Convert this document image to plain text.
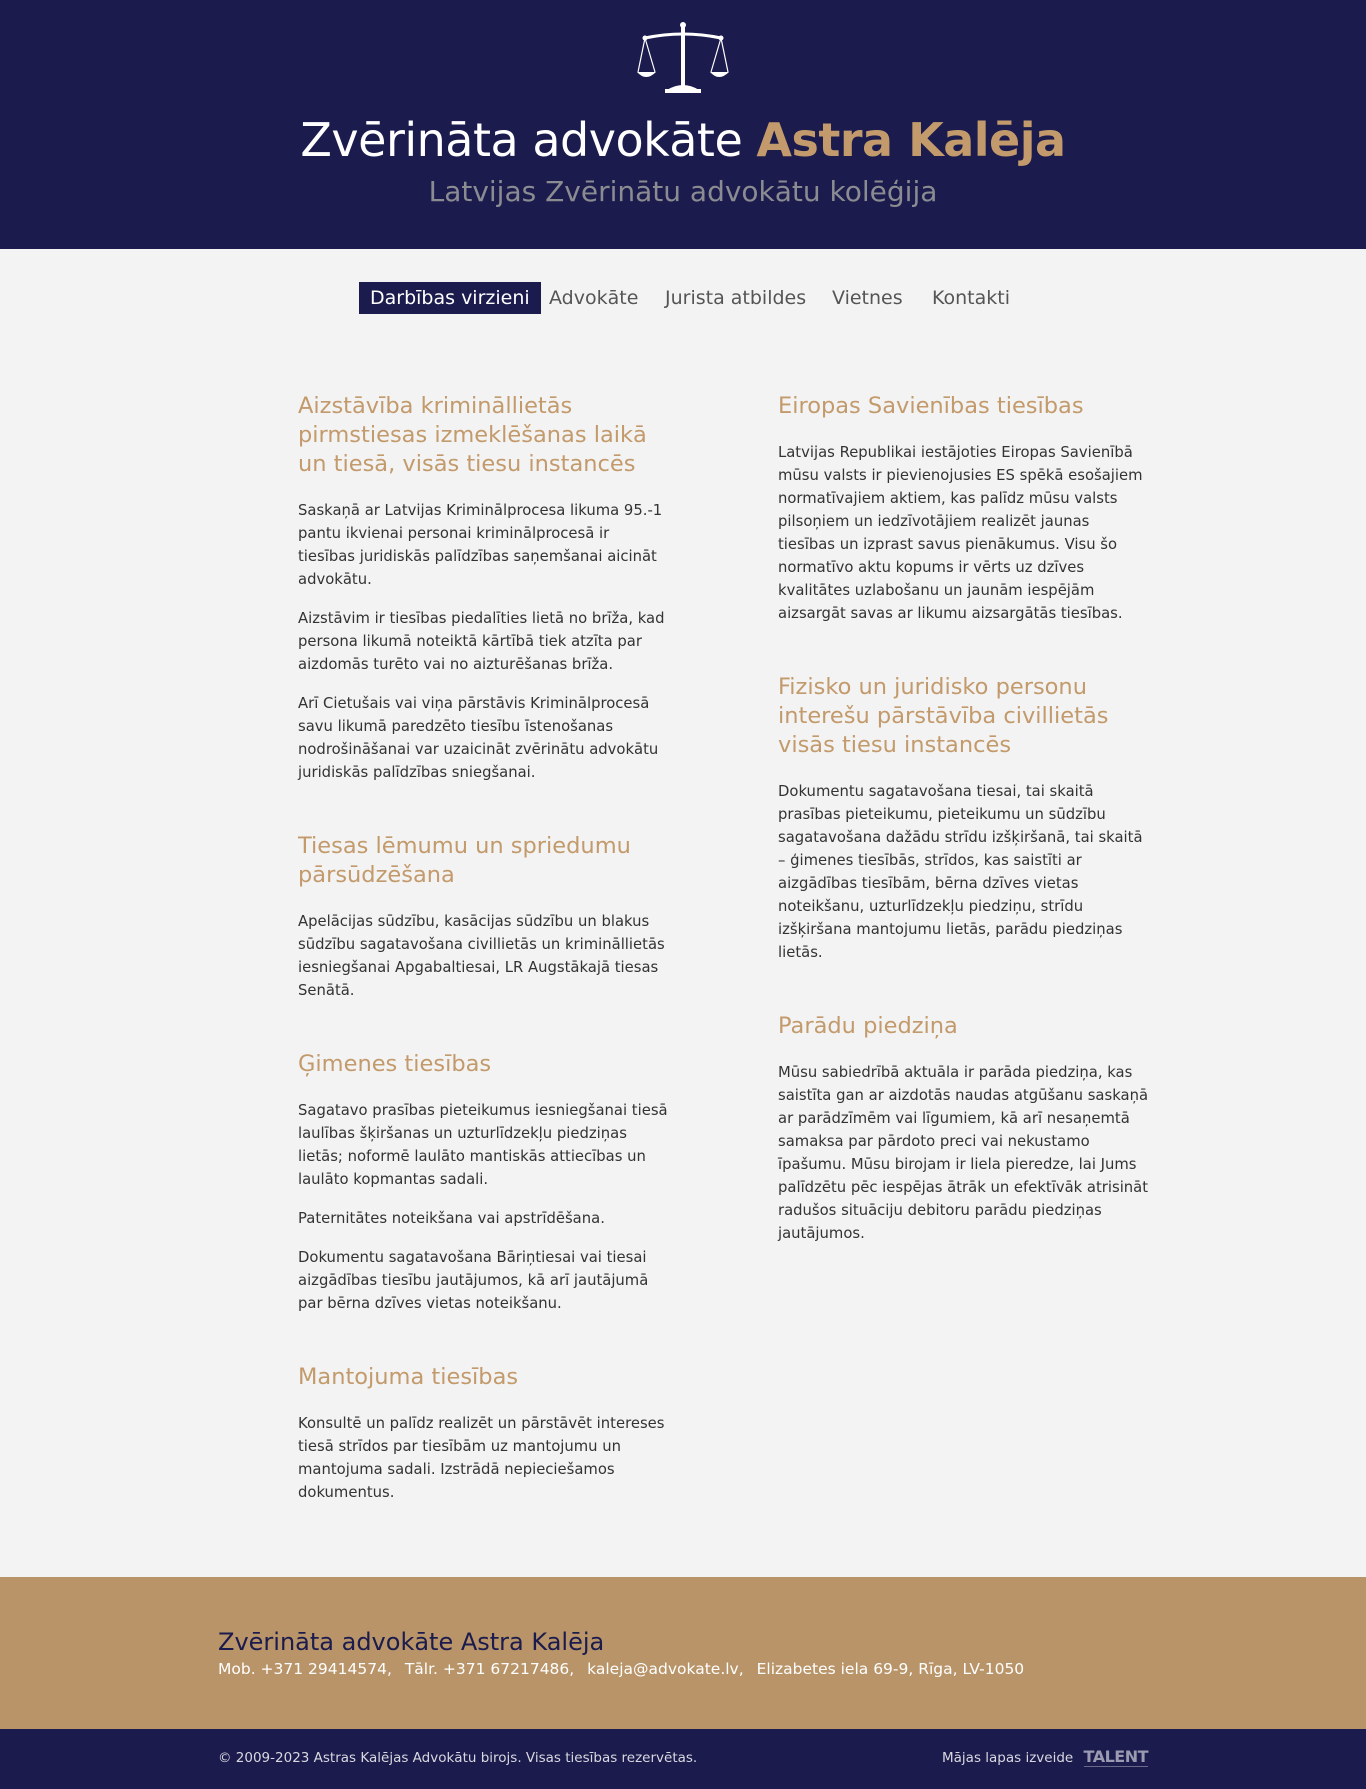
Zvērināta advokāte Astra Kalēja
Latvijas Zvērinātu advokātu kolēģija
Darbības virzieni	Advokāte Jurista atbildes Vietnes Kontakti
Aizstāvība krimināllietās pirmstiesas izmeklēšanas laikā un tiesā, visās tiesu instancēs

Saskaņā ar Latvijas Kriminālprocesa likuma 95.-1 pantu ikvienai personai kriminālprocesā ir tiesības juridiskās palīdzības saņemšanai aicināt advokātu.

Aizstāvim ir tiesības piedalīties lietā no brīža, kad persona likumā noteiktā kārtībā tiek atzīta par aizdomās turēto vai no aizturēšanas brīža.

Arī Cietušais vai viņa pārstāvis Kriminālprocesā savu likumā paredzēto tiesību īstenošanas nodrošināšanai var uzaicināt zvērinātu advokātu juridiskās palīdzības sniegšanai.

Tiesas lēmumu un spriedumu pārsūdzēšana

Apelācijas sūdzību, kasācijas sūdzību un blakus sūdzību sagatavošana civillietās un krimināllietās iesniegšanai Apgabaltiesai, LR Augstākajā tiesas Senātā.

Ģimenes tiesības

Sagatavo prasības pieteikumus iesniegšanai tiesā laulības šķiršanas un uzturlīdzekļu piedziņas lietās; noformē laulāto mantiskās attiecības un laulāto kopmantas sadali.

Paternitātes noteikšana vai apstrīdēšana.

Dokumentu sagatavošana Bāriņtiesai vai tiesai aizgādības tiesību jautājumos, kā arī jautājumā par bērna dzīves vietas noteikšanu.

Mantojuma tiesības

Konsultē un palīdz realizēt un pārstāvēt intereses tiesā strīdos par tiesībām uz mantojumu un mantojuma sadali. Izstrādā nepieciešamos dokumentus.

Eiropas Savienības tiesības

Latvijas Republikai iestājoties Eiropas Savienībā mūsu valsts ir pievienojusies ES spēkā esošajiem normatīvajiem aktiem, kas palīdz mūsu valsts pilsoņiem un iedzīvotājiem realizēt jaunas tiesības un izprast savus pienākumus. Visu šo normatīvo aktu kopums ir vērts uz dzīves kvalitātes uzlabošanu un jaunām iespējām aizsargāt savas ar likumu aizsargātās tiesības.

Fizisko un juridisko personu interešu pārstāvība civillietās visās tiesu instancēs

Dokumentu sagatavošana tiesai, tai skaitā prasības pieteikumu, pieteikumu un sūdzību sagatavošana dažādu strīdu izšķiršanā, tai skaitā – ģimenes tiesībās, strīdos, kas saistīti ar aizgādības tiesībām, bērna dzīves vietas noteikšanu, uzturlīdzekļu piedziņu, strīdu izšķiršana mantojumu lietās, parādu piedziņas lietās.

Parādu piedziņa

Mūsu sabiedrībā aktuāla ir parāda piedziņa, kas saistīta gan ar aizdotās naudas atgūšanu saskaņā ar parādzīmēm vai līgumiem, kā arī nesaņemtā samaksa par pārdoto preci vai nekustamo īpašumu. Mūsu birojam ir liela pieredze, lai Jums palīdzētu pēc iespējas ātrāk un efektīvāk atrisināt radušos situāciju debitoru parādu piedziņas jautājumos.

Zvērināta advokāte Astra Kalēja
Mob. +371 29414574, Tālr. +371 67217486, kaleja@advokate.lv, Elizabetes iela 69-9, Rīga, LV-1050
© 2009-2023 Astras Kalējas Advokātu birojs. Visas tiesības rezervētas.	Mājas lapas izveide TALENT
